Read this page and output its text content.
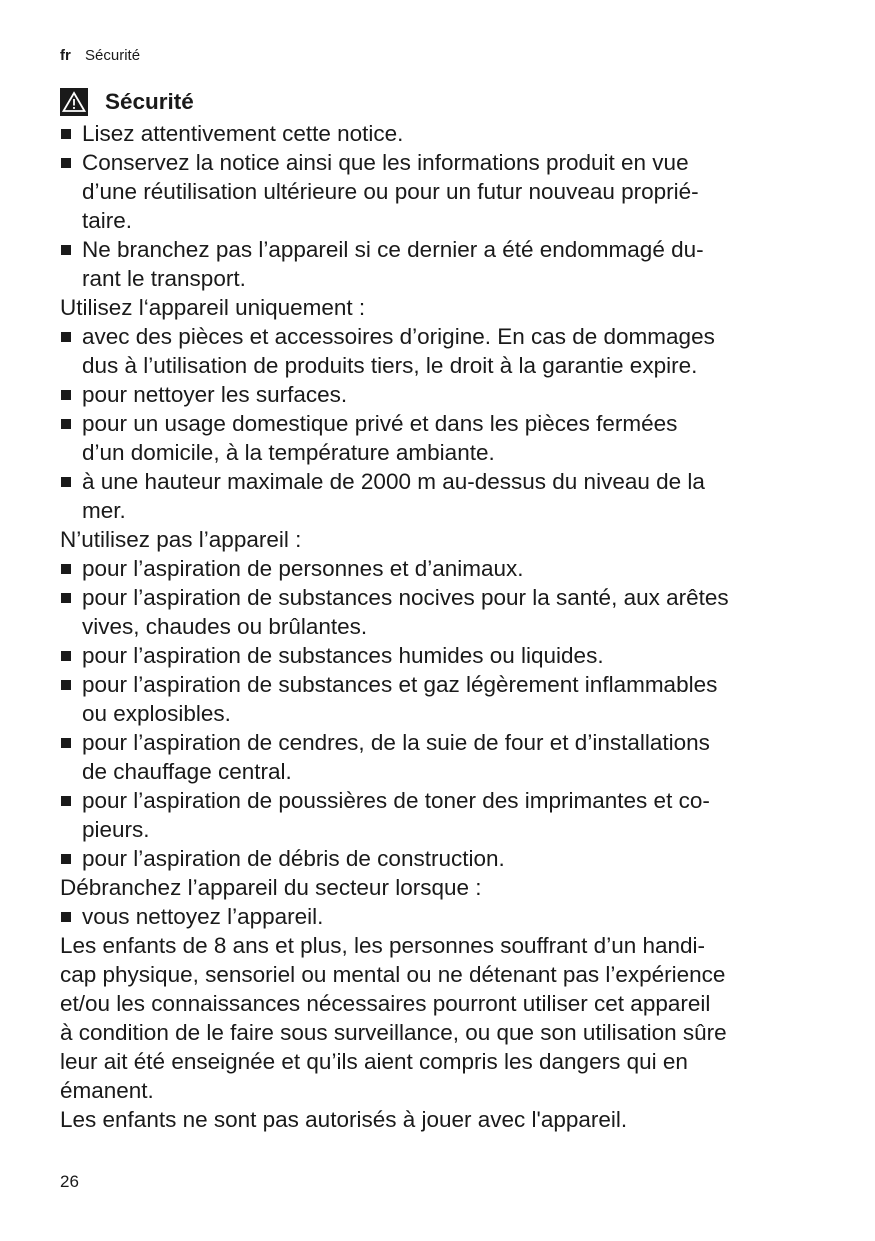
fr Sécurité
Sécurité
Lisez attentivement cette notice.
Conservez la notice ainsi que les informations produit en vue
d’une réutilisation ultérieure ou pour un futur nouveau proprié-
taire.
Ne branchez pas l’appareil si ce dernier a été endommagé du-
rant le transport.

Utilisez l‘appareil uniquement :

avec des pièces et accessoires d’origine. En cas de dommages
dus à l’utilisation de produits tiers, le droit à la garantie expire.
pour nettoyer les surfaces.
pour un usage domestique privé et dans les pièces fermées
d’un domicile, à la température ambiante.
à une hauteur maximale de 2000 m au-dessus du niveau de la
mer.

N’utilisez pas l’appareil :

pour l’aspiration de personnes et d’animaux.
pour l’aspiration de substances nocives pour la santé, aux arêtes
vives, chaudes ou brûlantes.
pour l’aspiration de substances humides ou liquides.
pour l’aspiration de substances et gaz légèrement inflammables
ou explosibles.
pour l’aspiration de cendres, de la suie de four et d’installations
de chauffage central.
pour l’aspiration de poussières de toner des imprimantes et co-
pieurs.
pour l’aspiration de débris de construction.

Débranchez l’appareil du secteur lorsque :

vous nettoyez l’appareil.

Les enfants de 8 ans et plus, les personnes souffrant d’un handi-
cap physique, sensoriel ou mental ou ne détenant pas l’expérience
et/ou les connaissances nécessaires pourront utiliser cet appareil
à condition de le faire sous surveillance, ou que son utilisation sûre
leur ait été enseignée et qu’ils aient compris les dangers qui en
émanent.

Les enfants ne sont pas autorisés à jouer avec l'appareil.

26
